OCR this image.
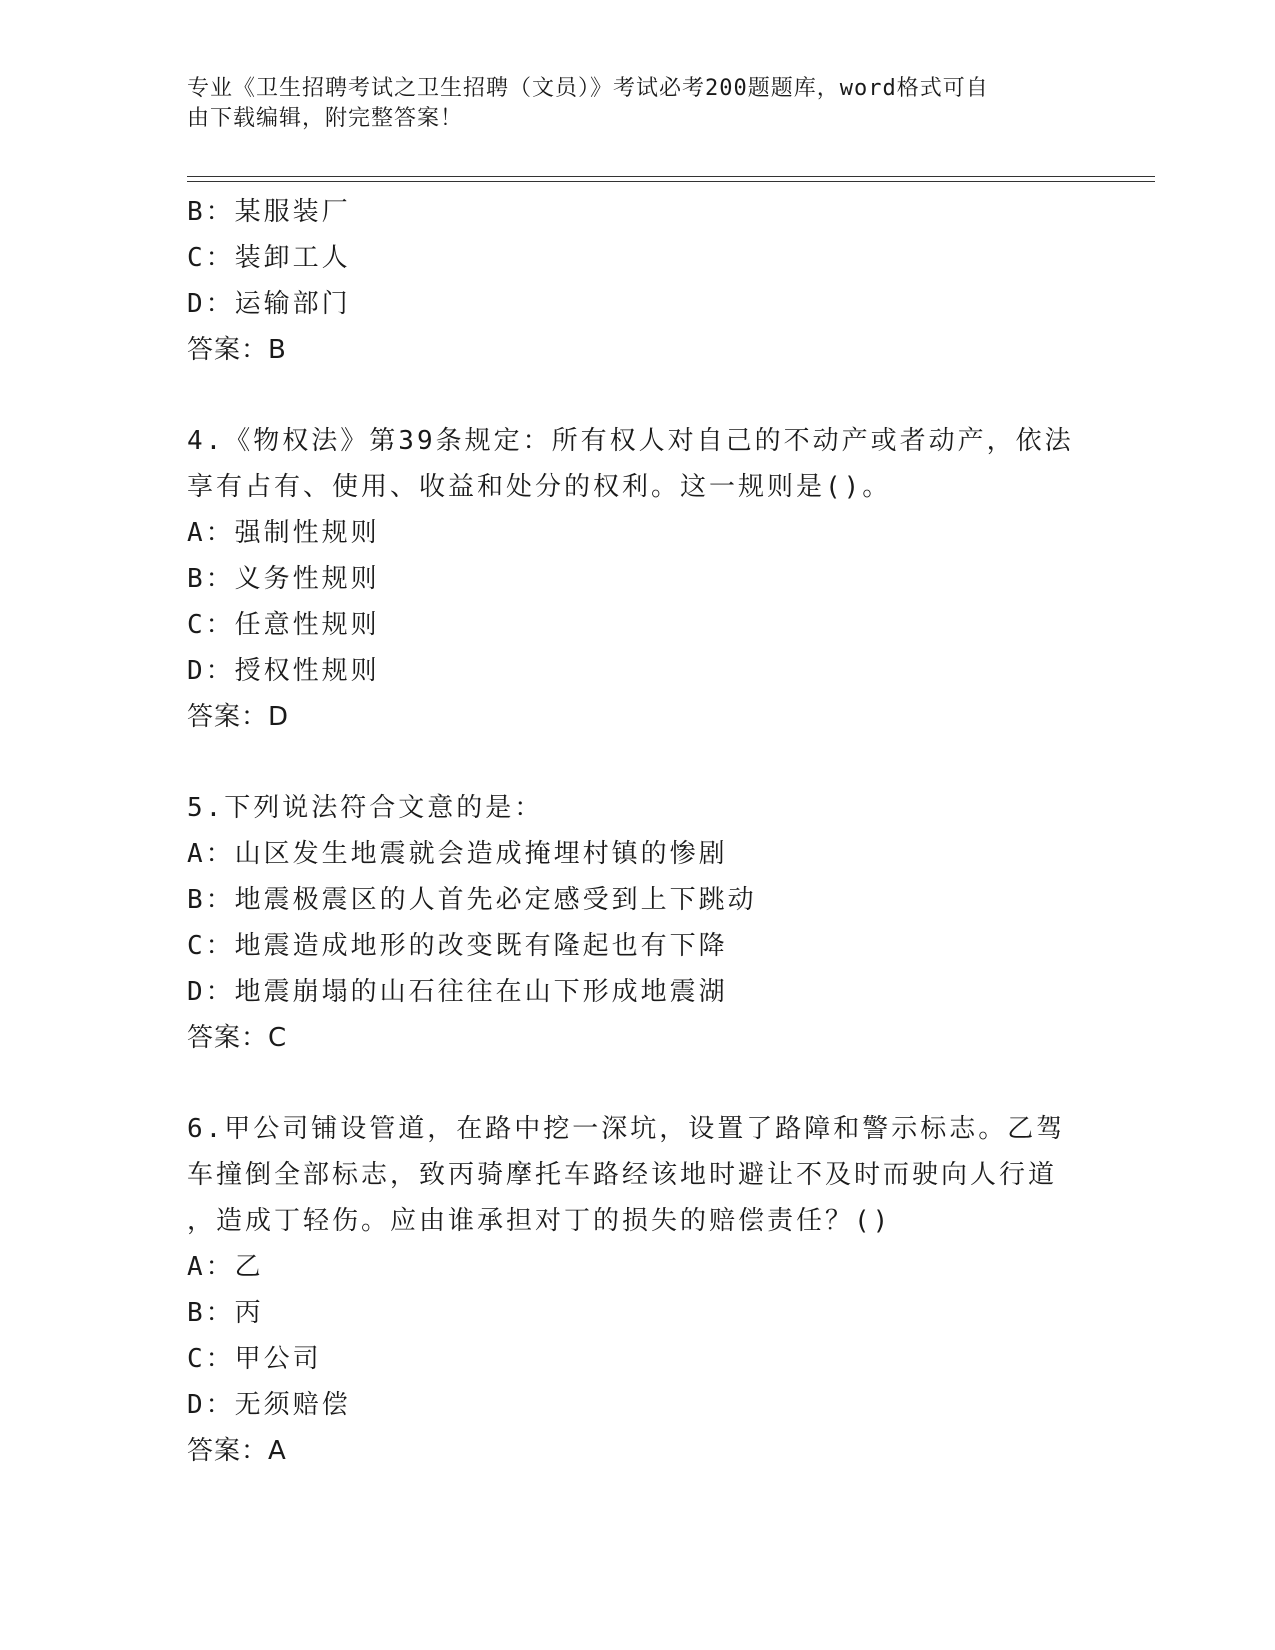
专业《卫生招聘考试之卫生招聘（文员）》考试必考200题题库，word格式可自
由下载编辑，附完整答案！
B：某服装厂
C：装卸工人
D：运输部门
答案：B
4.《物权法》第39条规定：所有权人对自己的不动产或者动产，依法
享有占有、使用、收益和处分的权利。这一规则是()。
A：强制性规则
B：义务性规则
C：任意性规则
D：授权性规则
答案：D
5.下列说法符合文意的是：
A：山区发生地震就会造成掩埋村镇的惨剧
B：地震极震区的人首先必定感受到上下跳动
C：地震造成地形的改变既有隆起也有下降
D：地震崩塌的山石往往在山下形成地震湖
答案：C
6.甲公司铺设管道，在路中挖一深坑，设置了路障和警示标志。乙驾
车撞倒全部标志，致丙骑摩托车路经该地时避让不及时而驶向人行道
，造成丁轻伤。应由谁承担对丁的损失的赔偿责任？()
A：乙
B：丙
C：甲公司
D：无须赔偿
答案：A
